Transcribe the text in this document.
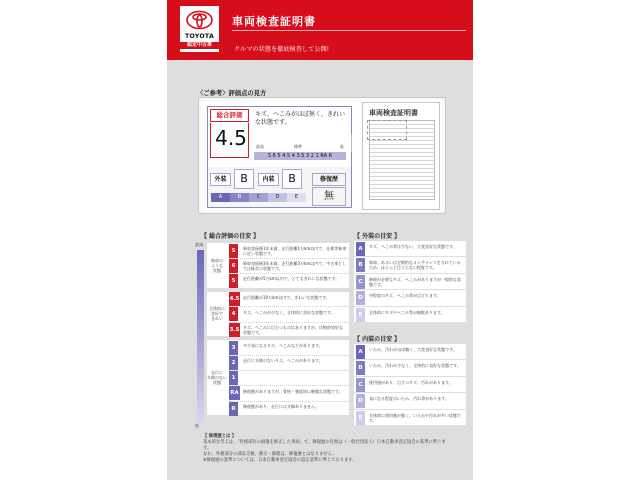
TOYOTA
認定中古車
車両検査証明書
クルマの状態を徹底検査して公開!
〈ご参考〉評価点の見方
総合評価
4.5
キズ、へこみがほぼ無く、きれいな状態です。
最高	標準	低
S 6 5 4.5 4 3.5 3 2 1 RA R
外装	B	内装	B	修復歴
無
A	B	C	D	E
車両検査証明書
【 総合評価の目安 】
最高
低
新車の
ような
状態
S	新車登録後1年未満、走行距離1万km以内で、仕様等新車に近い状態です。
6	新車登録後3年未満、走行距離3万km以内で、中古車としては極美の状態です。
5	走行距離が5万km以内で、とてもきれいな状態です。
全体的に
良好で
きれい
4.5 走行距離が10万km以内で、きれいな状態です。
4	キズ、へこみが少なく、全体的に良好な状態です。
3.5 キズ、へこみに目立つものはありますが、比較的良好な状態です。
走行に
支障のない
状態
3	多少気になるキズ、へこみなどがあります。
2	走行に支障のないキズ、へこみがあります。
1
RA	修復歴がありますが、骨格・強度的に軽微な状態です。
R	修復歴があり、走行には支障ありません。
【 外装の目安 】
A	キズ、へこみ等は少ない、大変良好な状態です。
B	新車、あるいは定期的なメンテナンスをされているため、ほとんど目立たない程度です。
C	修理が必要なキズ、へこみがありますが一般的な状態です。
D	中程度のキズ、へこみ等が目立ちます。
E	全体的にキズやへこみ等が複数あります。
【 内装の目安 】
A	いたみ、汚れがほぼ無く、大変良好な状態です。
B	いたみ、汚れが少なく、全体的に良好な状態です。
C	使用感があり、目立つキズ、汚れがあります。
D	気になる程度のいたみ、汚れ等があります。
E	全体的に使用感が強く、いたみや汚れが多い状態です。
【 修復歴とは 】
基本的な考えは、「骨格部位の損傷を修正した車両」で、修復歴の有無は（一般社団法人）日本自動車査定協会の基準に準じます。
なお、外板部分の部品交換、修正・修理は、修復歴とはなりません。
※修復歴の基準については、日本自動車査定協会の認定基準に準じております。
